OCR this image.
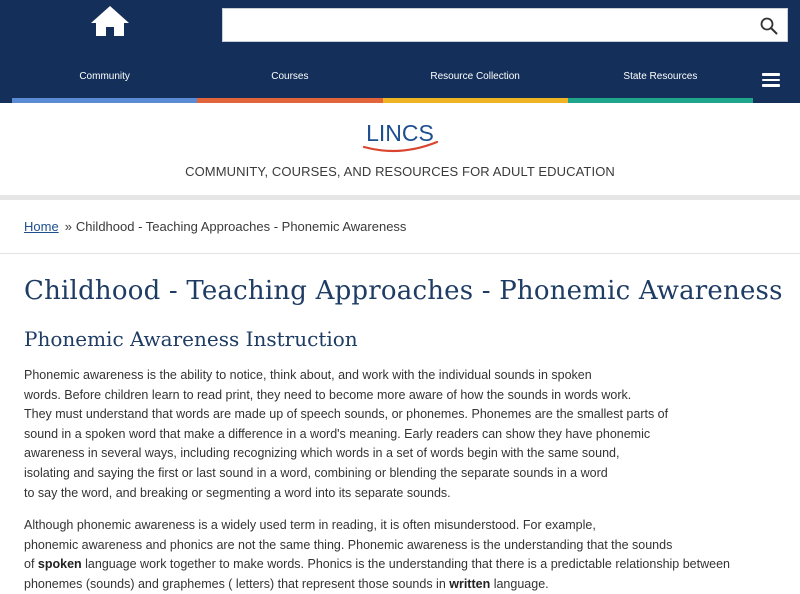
Community	Courses	Resource Collection	State Resources
LINCS
COMMUNITY, COURSES, AND RESOURCES FOR ADULT EDUCATION
Home » Childhood - Teaching Approaches - Phonemic Awareness
Childhood - Teaching Approaches - Phonemic Awareness
Phonemic Awareness Instruction
Phonemic awareness is the ability to notice, think about, and work with the individual sounds in spoken
words. Before children learn to read print, they need to become more aware of how the sounds in words work.
They must understand that words are made up of speech sounds, or phonemes. Phonemes are the smallest parts of
sound in a spoken word that make a difference in a word's meaning. Early readers can show they have phonemic
awareness in several ways, including recognizing which words in a set of words begin with the same sound,
isolating and saying the first or last sound in a word, combining or blending the separate sounds in a word
to say the word, and breaking or segmenting a word into its separate sounds.
Although phonemic awareness is a widely used term in reading, it is often misunderstood. For example,
phonemic awareness and phonics are not the same thing. Phonemic awareness is the understanding that the sounds
of spoken language work together to make words. Phonics is the understanding that there is a predictable relationship between
phonemes (sounds) and graphemes ( letters) that represent those sounds in written language.
